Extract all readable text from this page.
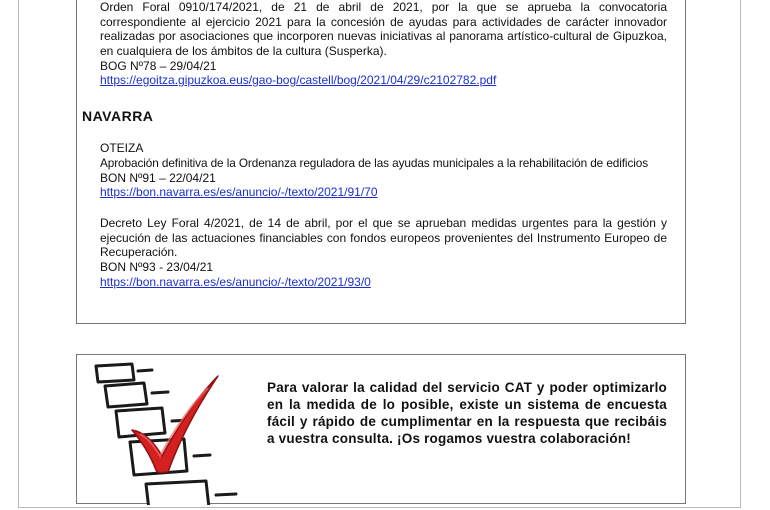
Orden Foral 0910/174/2021, de 21 de abril de 2021, por la que se aprueba la convocatoria correspondiente al ejercicio 2021 para la concesión de ayudas para actividades de carácter innovador realizadas por asociaciones que incorporen nuevas iniciativas al panorama artístico-cultural de Gipuzkoa, en cualquiera de los ámbitos de la cultura (Susperka).

BOG Nº78 – 29/04/21
https://egoitza.gipuzkoa.eus/gao-bog/castell/bog/2021/04/29/c2102782.pdf
NAVARRA
OTEIZA
Aprobación definitiva de la Ordenanza reguladora de las ayudas municipales a la rehabilitación de edificios
BON Nº91 – 22/04/21
https://bon.navarra.es/es/anuncio/-/texto/2021/91/70

Decreto Ley Foral 4/2021, de 14 de abril, por el que se aprueban medidas urgentes para la gestión y ejecución de las actuaciones financiables con fondos europeos provenientes del Instrumento Europeo de Recuperación.

BON Nº93 - 23/04/21
https://bon.navarra.es/es/anuncio/-/texto/2021/93/0
Para valorar la calidad del servicio CAT y poder optimizarlo en la medida de lo posible, existe un sistema de encuesta fácil y rápido de cumplimentar en la respuesta que recibáis a vuestra consulta. ¡Os rogamos vuestra colaboración!
